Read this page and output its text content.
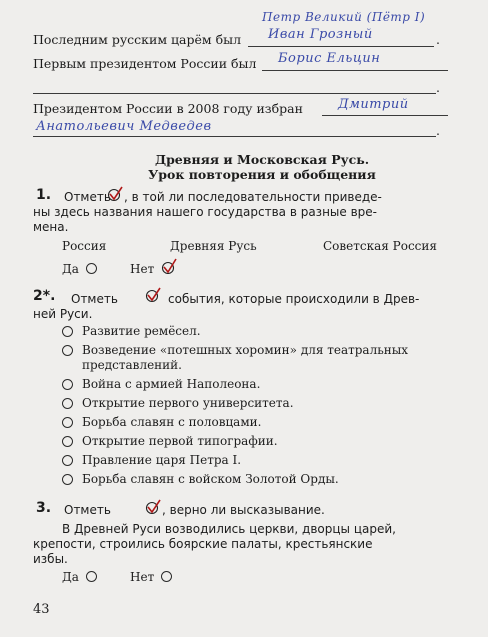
Петр Великий (Пётр I)
Последним русским царём был Иван Грозный	.
Первым президентом России был Борис Ельцин
.
Президентом России в 2008 году избран	Дмитрий
Анатольевич Медведев	.
Древняя и Московская Русь.
Урок повторения и обобщения
1. Отметь , в той ли последовательности приведе-
ны здесь названия нашего государства в разные вре-
мена.
Россия	Древняя Русь	Советская Россия
Да	Нет
2*. Отметь	события, которые происходили в Древ-
ней Руси.
Развитие ремёсел.
Возведение «потешных хоромин» для театральных
представлений.
Война с армией Наполеона.
Открытие первого университета.
Борьба славян с половцами.
Открытие первой типографии.
Правление царя Петра I.
Борьба славян с войском Золотой Орды.
3. Отметь	, верно ли высказывание.
В Древней Руси возводились церкви, дворцы царей,
крепости, строились боярские палаты, крестьянские
избы.
Да	Нет
43
